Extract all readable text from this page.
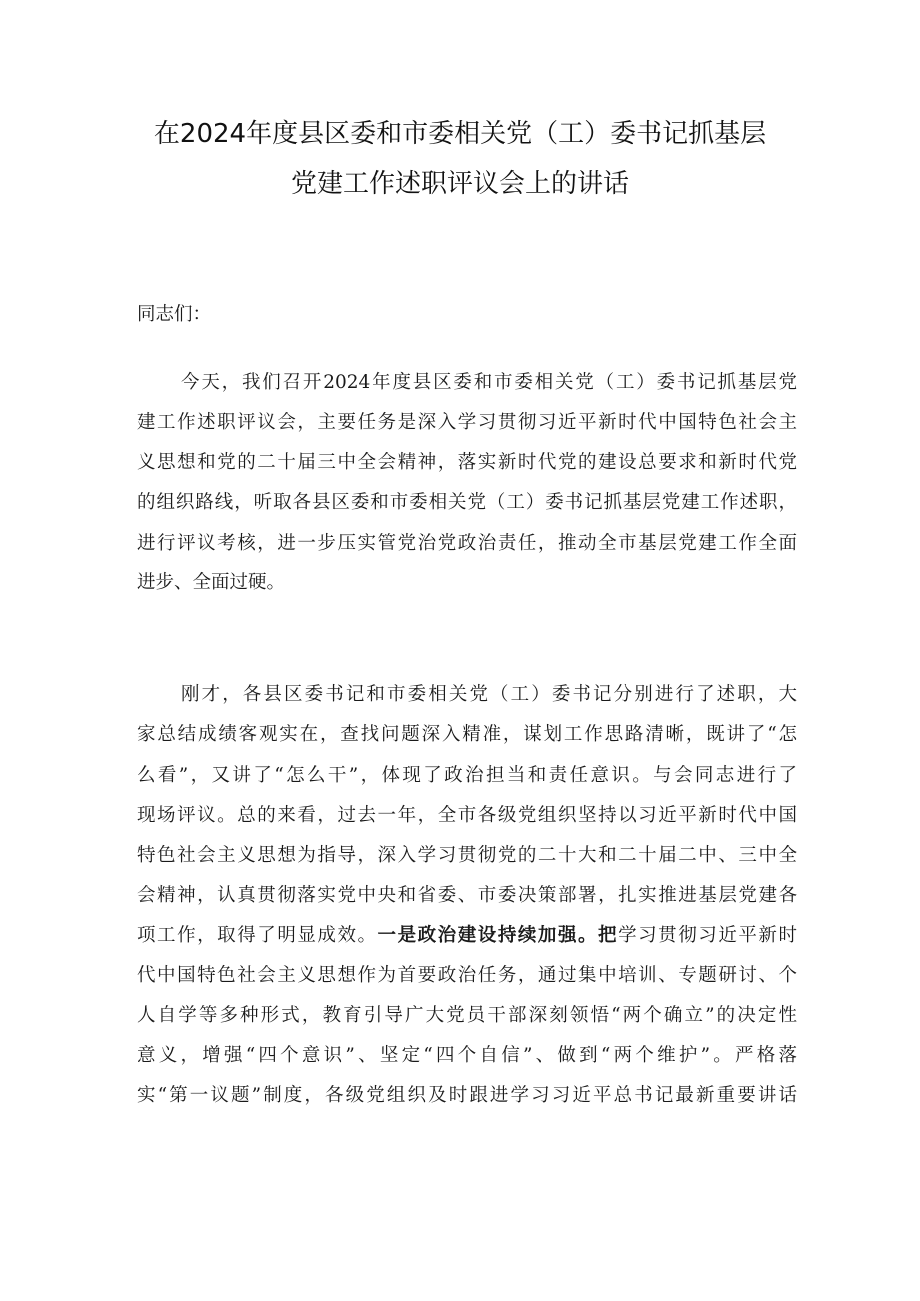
在2024年度县区委和市委相关党（工）委书记抓基层
党建工作述职评议会上的讲话
同志们：
今天，我们召开2024年度县区委和市委相关党（工）委书记抓基层党
建工作述职评议会，主要任务是深入学习贯彻习近平新时代中国特色社会主
义思想和党的二十届三中全会精神，落实新时代党的建设总要求和新时代党
的组织路线，听取各县区委和市委相关党（工）委书记抓基层党建工作述职，
进行评议考核，进一步压实管党治党政治责任，推动全市基层党建工作全面
进步、全面过硬。
刚才，各县区委书记和市委相关党（工）委书记分别进行了述职，大
家总结成绩客观实在，查找问题深入精准，谋划工作思路清晰，既讲了“怎
么看”，又讲了“怎么干”，体现了政治担当和责任意识。与会同志进行了
现场评议。总的来看，过去一年，全市各级党组织坚持以习近平新时代中国
特色社会主义思想为指导，深入学习贯彻党的二十大和二十届二中、三中全
会精神，认真贯彻落实党中央和省委、市委决策部署，扎实推进基层党建各
项工作，取得了明显成效。一是政治建设持续加强。把学习贯彻习近平新时
代中国特色社会主义思想作为首要政治任务，通过集中培训、专题研讨、个
人自学等多种形式，教育引导广大党员干部深刻领悟“两个确立”的决定性
意义，增强“四个意识”、坚定“四个自信”、做到“两个维护”。严格落
实“第一议题”制度，各级党组织及时跟进学习习近平总书记最新重要讲话
